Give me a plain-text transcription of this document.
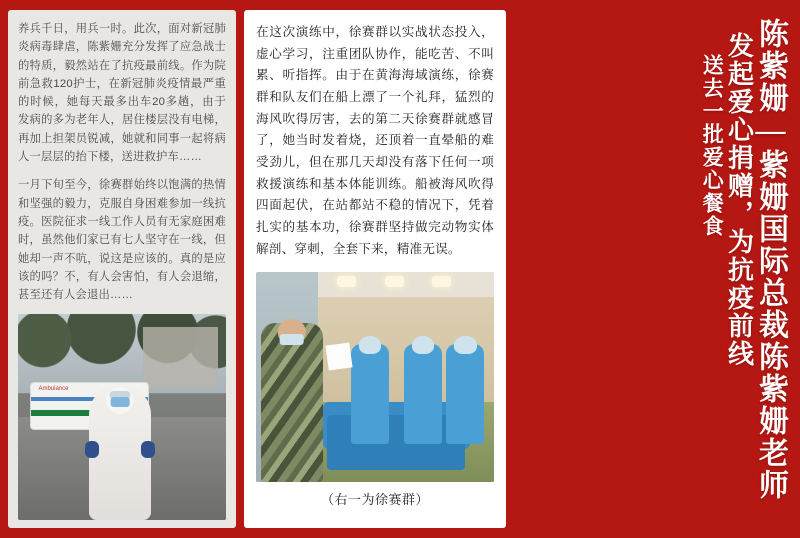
养兵千日，用兵一时。此次，面对新冠肺炎病毒肆虐，陈紫姗充分发挥了应急战士的特质，毅然站在了抗疫最前线。作为院前急救120护士，在新冠肺炎疫情最严重的时候，她每天最多出车20多趟，由于发病的多为老年人，居住楼层没有电梯，再加上担架员锐减，她就和同事一起将病人一层层的抬下楼，送进救护车……

一月下旬至今，徐赛群始终以饱满的热情和坚强的毅力，克服自身困难参加一线抗疫。医院征求一线工作人员有无家庭困难时，虽然他们家已有七人坚守在一线，但她却一声不吭，说这是应该的。真的是应该的吗？不，有人会害怕，有人会退缩，甚至还有人会退出……

Ambulance

在这次演练中，徐赛群以实战状态投入，虚心学习，注重团队协作，能吃苦、不叫累、听指挥。由于在黄海海域演练，徐赛群和队友们在船上漂了一个礼拜，猛烈的海风吹得厉害，去的第二天徐赛群就感冒了，她当时发着烧，还顶着一直晕船的难受劲儿，但在那几天却没有落下任何一项救援演练和基本体能训练。船被海风吹得四面起伏，在站都站不稳的情况下，凭着扎实的基本功，徐赛群坚持做完动物实体解剖、穿刺，全套下来，精准无误。

（右一为徐赛群）	陈紫姗—紫姗国际总裁陈紫姗老师
发起爱心捐赠，为抗疫前线
送去一批爱心餐食
